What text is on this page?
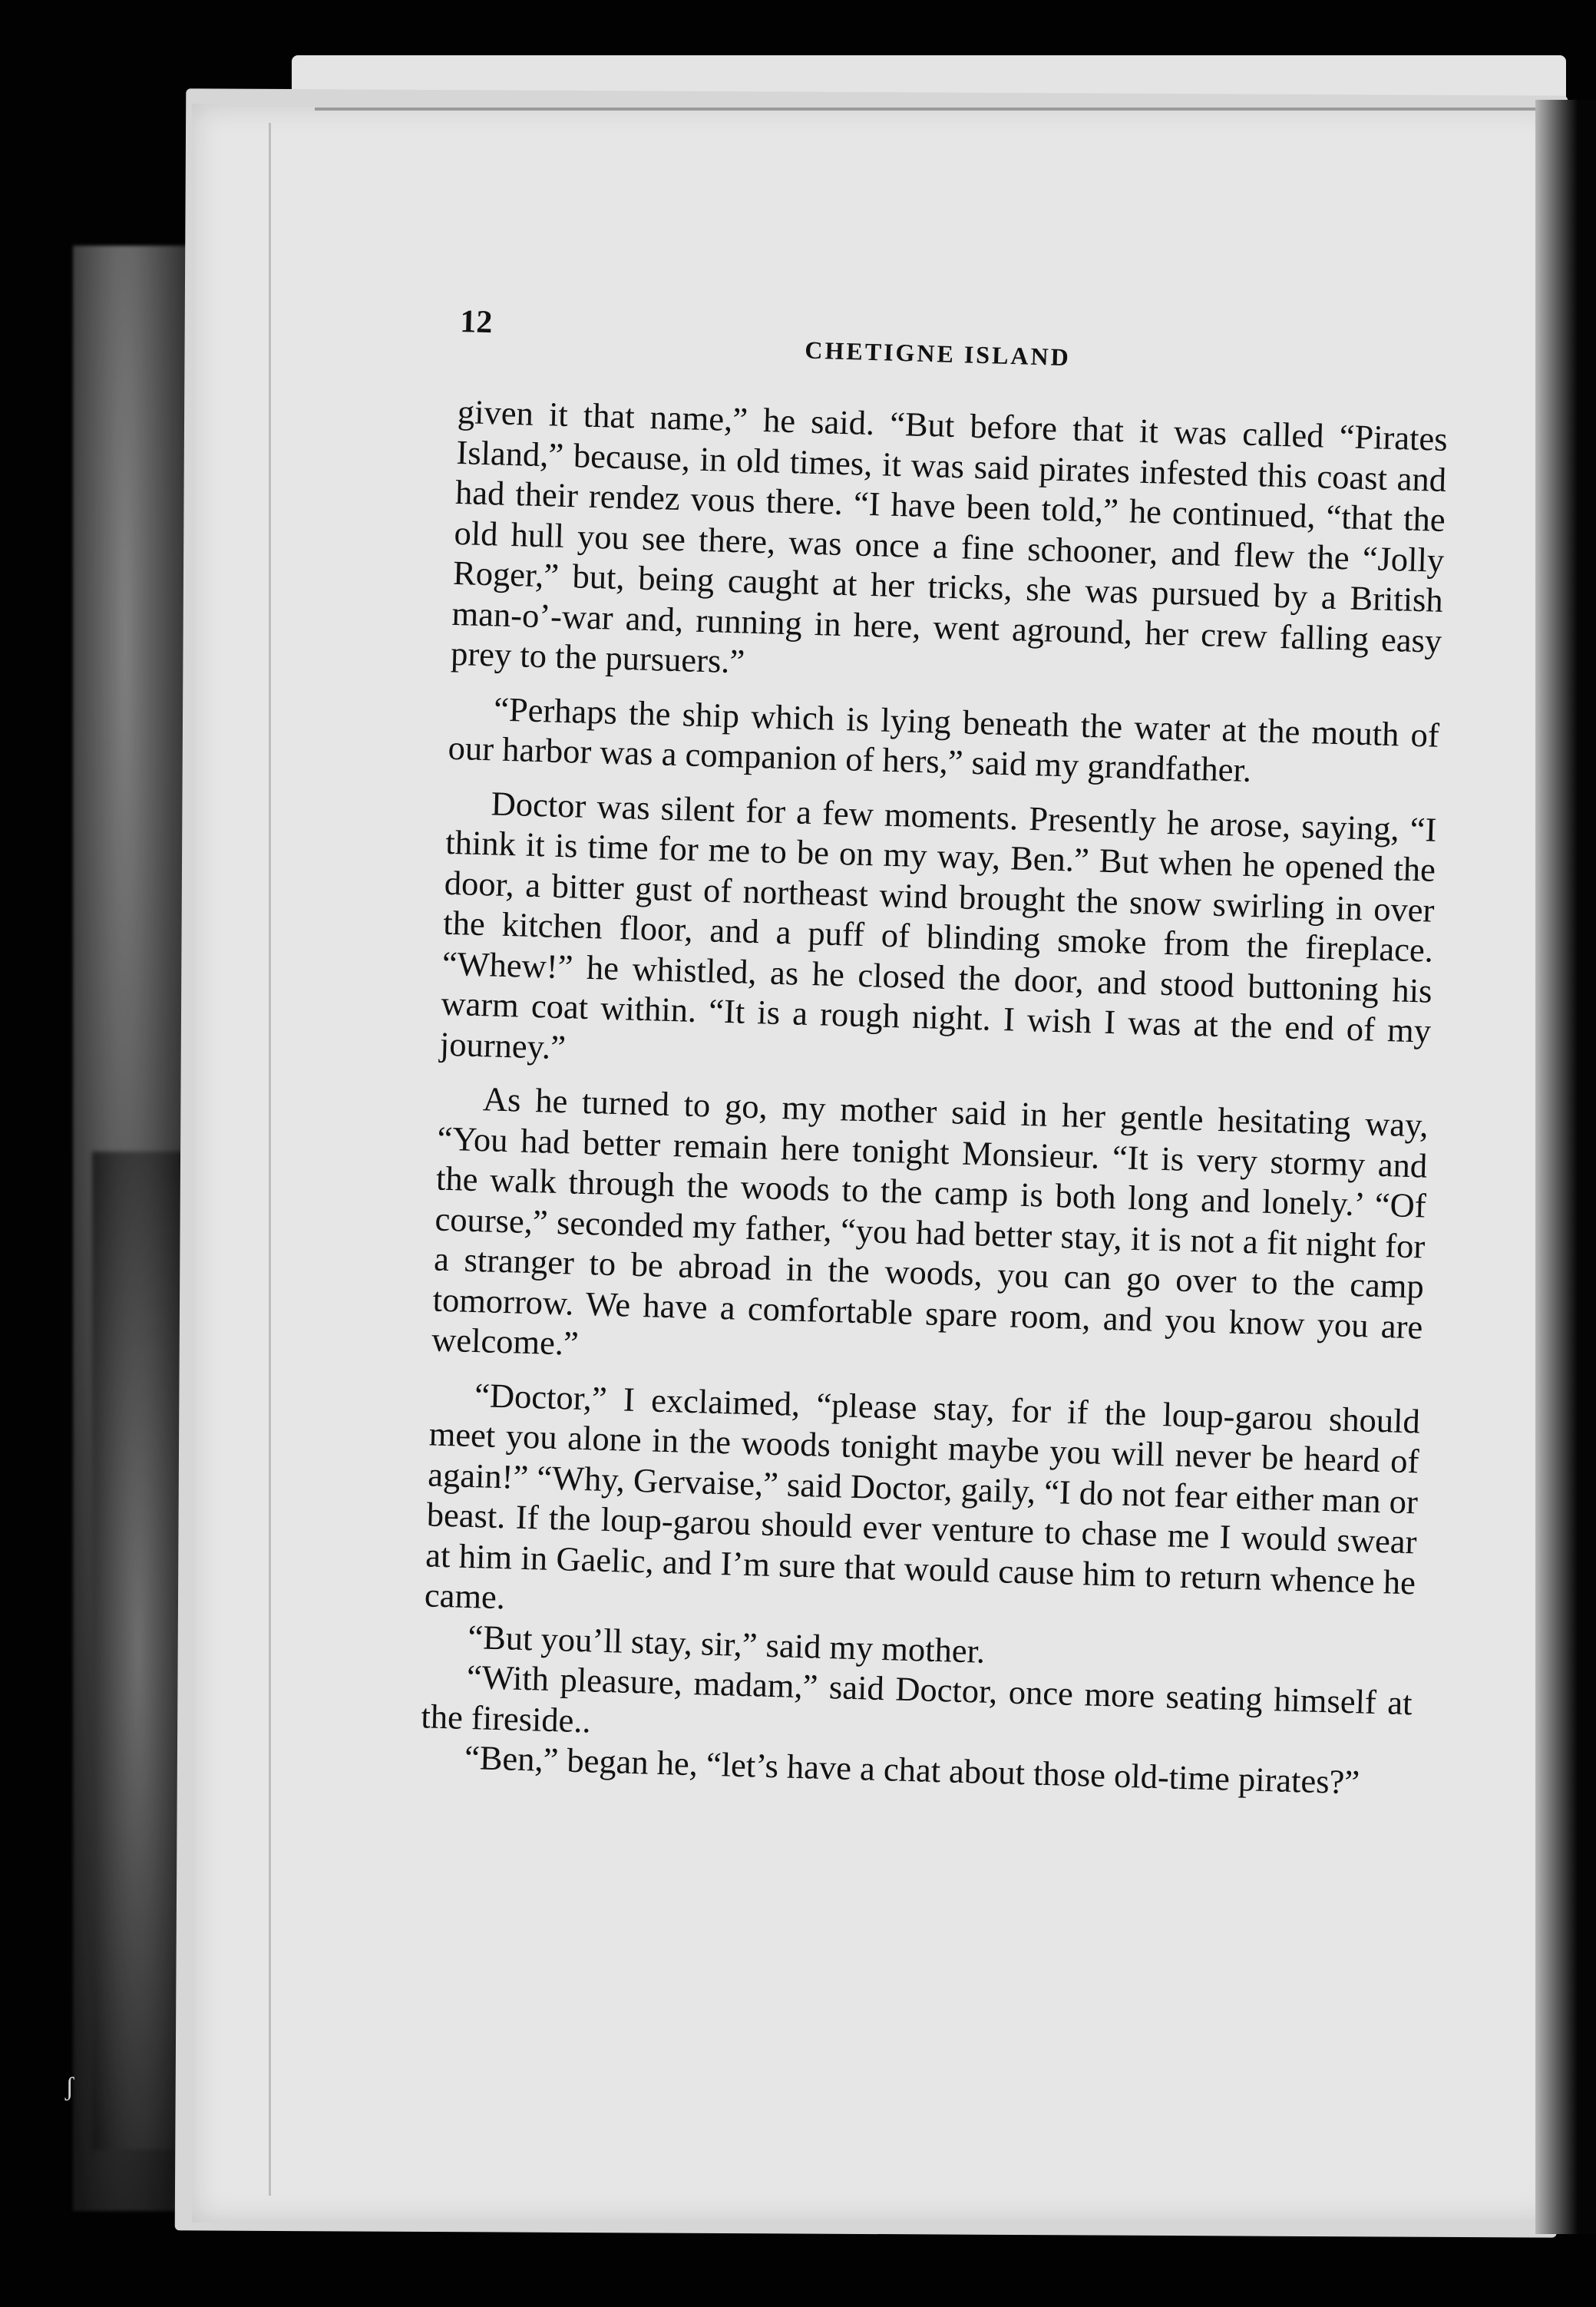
ʃ
12
CHETIGNE ISLAND

given it that name,” he said. “But before that it was called “Pirates Island,” because, in old times, it was said pirates infested this coast and had their rendez vous there. “I have been told,” he continued, “that the old hull you see there, was once a fine schooner, and flew the “Jolly Roger,” but, being caught at her tricks, she was pursued by a British man-o’-war and, running in here, went aground, her crew falling easy prey to the pursuers.”

“Perhaps the ship which is lying beneath the water at the mouth of our harbor was a companion of hers,” said my grandfather.

Doctor was silent for a few moments. Presently he arose, saying, “I think it is time for me to be on my way, Ben.” But when he opened the door, a bitter gust of northeast wind brought the snow swirling in over the kitchen floor, and a puff of blinding smoke from the fireplace. “Whew!” he whistled, as he closed the door, and stood buttoning his warm coat within. “It is a rough night. I wish I was at the end of my journey.”

As he turned to go, my mother said in her gentle hesitating way, “You had better remain here tonight Monsieur. “It is very stormy and the walk through the woods to the camp is both long and lonely.’ “Of course,” seconded my father, “you had better stay, it is not a fit night for a stranger to be abroad in the woods, you can go over to the camp tomorrow. We have a comfortable spare room, and you know you are welcome.”

“Doctor,” I exclaimed, “please stay, for if the loup-garou should meet you alone in the woods tonight maybe you will never be heard of again!” “Why, Gervaise,” said Doctor, gaily, “I do not fear either man or beast. If the loup-garou should ever venture to chase me I would swear at him in Gaelic, and I’m sure that would cause him to return whence he came.

“But you’ll stay, sir,” said my mother.

“With pleasure, madam,” said Doctor, once more seating himself at the fireside..

“Ben,” began he, “let’s have a chat about those old-time pirates?”
